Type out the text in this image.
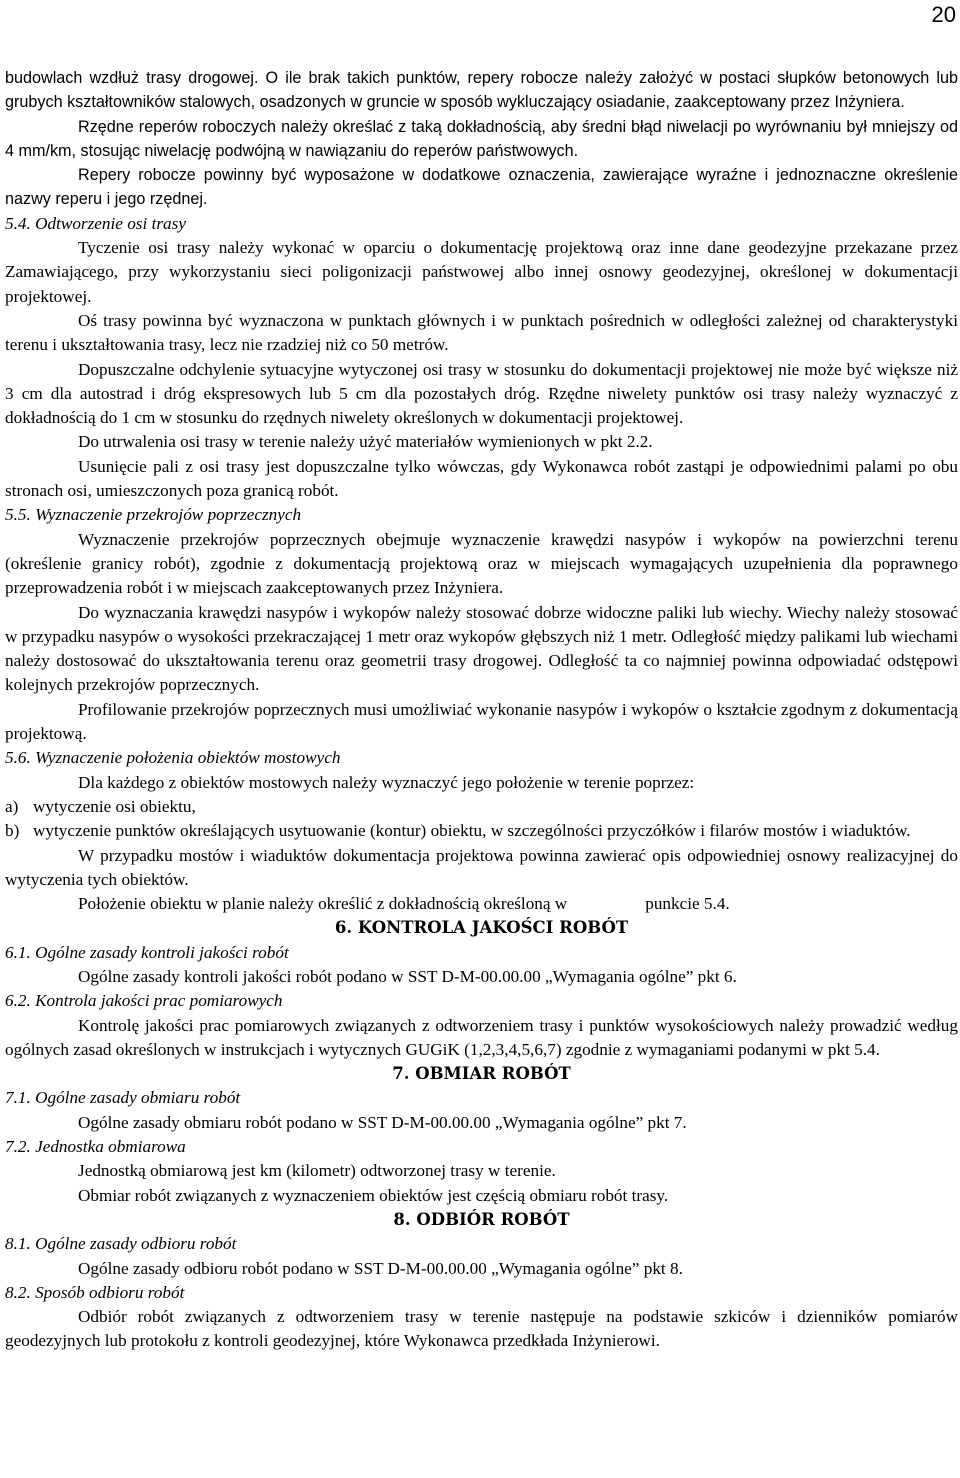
20

budowlach wzdłuż trasy drogowej. O ile brak takich punktów, repery robocze należy założyć w postaci słupków betonowych lub grubych kształtowników stalowych, osadzonych w gruncie w sposób wykluczający osiadanie, zaakceptowany przez Inżyniera.

Rzędne reperów roboczych należy określać z taką dokładnością, aby średni błąd niwelacji po wyrównaniu był mniejszy od 4 mm/km, stosując niwelację podwójną w nawiązaniu do reperów państwowych.

Repery robocze powinny być wyposażone w dodatkowe oznaczenia, zawierające wyraźne i jednoznaczne określenie nazwy reperu i jego rzędnej.

5.4. Odtworzenie osi trasy

Tyczenie osi trasy należy wykonać w oparciu o dokumentację projektową oraz inne dane geodezyjne przekazane przez Zamawiającego, przy wykorzystaniu sieci poligonizacji państwowej albo innej osnowy geodezyjnej, określonej w dokumentacji projektowej.

Oś trasy powinna być wyznaczona w punktach głównych i w punktach pośrednich w odległości zależnej od charakterystyki terenu i ukształtowania trasy, lecz nie rzadziej niż co 50 metrów.

Dopuszczalne odchylenie sytuacyjne wytyczonej osi trasy w stosunku do dokumentacji projektowej nie może być większe niż 3 cm dla autostrad i dróg ekspresowych lub 5 cm dla pozostałych dróg. Rzędne niwelety punktów osi trasy należy wyznaczyć z dokładnością do 1 cm w stosunku do rzędnych niwelety określonych w dokumentacji projektowej.

Do utrwalenia osi trasy w terenie należy użyć materiałów wymienionych w pkt 2.2.

Usunięcie pali z osi trasy jest dopuszczalne tylko wówczas, gdy Wykonawca robót zastąpi je odpowiednimi palami po obu stronach osi, umieszczonych poza granicą robót.

5.5. Wyznaczenie przekrojów poprzecznych

Wyznaczenie przekrojów poprzecznych obejmuje wyznaczenie krawędzi nasypów i wykopów na powierzchni terenu (określenie granicy robót), zgodnie z dokumentacją projektową oraz w miejscach wymagających uzupełnienia dla poprawnego przeprowadzenia robót i w miejscach zaakceptowanych przez Inżyniera.

Do wyznaczania krawędzi nasypów i wykopów należy stosować dobrze widoczne paliki lub wiechy. Wiechy należy stosować w przypadku nasypów o wysokości przekraczającej 1 metr oraz wykopów głębszych niż 1 metr. Odległość między palikami lub wiechami należy dostosować do ukształtowania terenu oraz geometrii trasy drogowej. Odległość ta co najmniej powinna odpowiadać odstępowi kolejnych przekrojów poprzecznych.

Profilowanie przekrojów poprzecznych musi umożliwiać wykonanie nasypów i wykopów o kształcie zgodnym z dokumentacją projektową.

5.6. Wyznaczenie położenia obiektów mostowych

Dla każdego z obiektów mostowych należy wyznaczyć jego położenie w terenie poprzez:

a) wytyczenie osi obiektu,
b) wytyczenie punktów określających usytuowanie (kontur) obiektu, w szczególności przyczółków i filarów mostów i wiaduktów.

W przypadku mostów i wiaduktów dokumentacja projektowa powinna zawierać opis odpowiedniej osnowy realizacyjnej do wytyczenia tych obiektów.

Położenie obiektu w planie należy określić z dokładnością określoną w	punkcie 5.4.

6. KONTROLA JAKOŚCI ROBÓT

6.1. Ogólne zasady kontroli jakości robót

Ogólne zasady kontroli jakości robót podano w SST D-M-00.00.00 „Wymagania ogólne” pkt 6.

6.2. Kontrola jakości prac pomiarowych

Kontrolę jakości prac pomiarowych związanych z odtworzeniem trasy i punktów wysokościowych należy prowadzić według ogólnych zasad określonych w instrukcjach i wytycznych GUGiK (1,2,3,4,5,6,7) zgodnie z wymaganiami podanymi w pkt 5.4.

7. OBMIAR ROBÓT

7.1. Ogólne zasady obmiaru robót

Ogólne zasady obmiaru robót podano w SST D-M-00.00.00 „Wymagania ogólne” pkt 7.

7.2. Jednostka obmiarowa

Jednostką obmiarową jest km (kilometr) odtworzonej trasy w terenie.

Obmiar robót związanych z wyznaczeniem obiektów jest częścią obmiaru robót trasy.

8. ODBIÓR ROBÓT

8.1. Ogólne zasady odbioru robót

Ogólne zasady odbioru robót podano w SST D-M-00.00.00 „Wymagania ogólne” pkt 8.

8.2. Sposób odbioru robót

Odbiór robót związanych z odtworzeniem trasy w terenie następuje na podstawie szkiców i dzienników pomiarów geodezyjnych lub protokołu z kontroli geodezyjnej, które Wykonawca przedkłada Inżynierowi.
